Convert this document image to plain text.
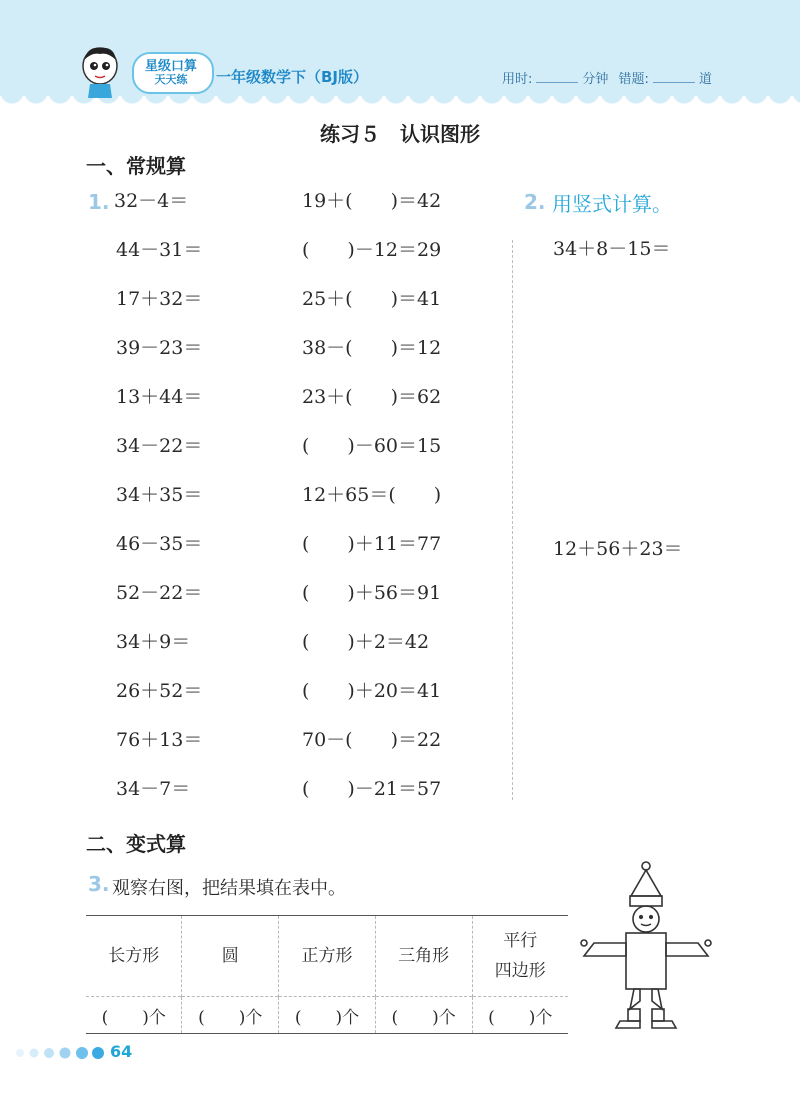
星级口算
天天练	一年级数学下（BJ版）	用时:	分钟 错题:	道
练习５　认识图形
一、常规算
1. 32－4＝
44－31＝
17＋32＝
39－23＝
13＋44＝
34－22＝
34＋35＝
46－35＝
52－22＝
34＋9＝
26＋52＝
76＋13＝
34－7＝
19＋(　　)＝42
(　　)－12＝29
25＋(　　)＝41
38－(　　)＝12
23＋(　　)＝62
(　　)－60＝15
12＋65＝(　　)
(　　)＋11＝77
(　　)＋56＝91
(　　)＋2＝42
(　　)＋20＝41
70－(　　)＝22
(　　)－21＝57
2. 用竖式计算。
34＋8－15＝
12＋56＋23＝
二、变式算
3. 观察右图，把结果填在表中。
长方形	圆	正方形	三角形	平行
四边形
(　　)个	(　　)个	(　　)个	(　　)个	(　　)个
64
